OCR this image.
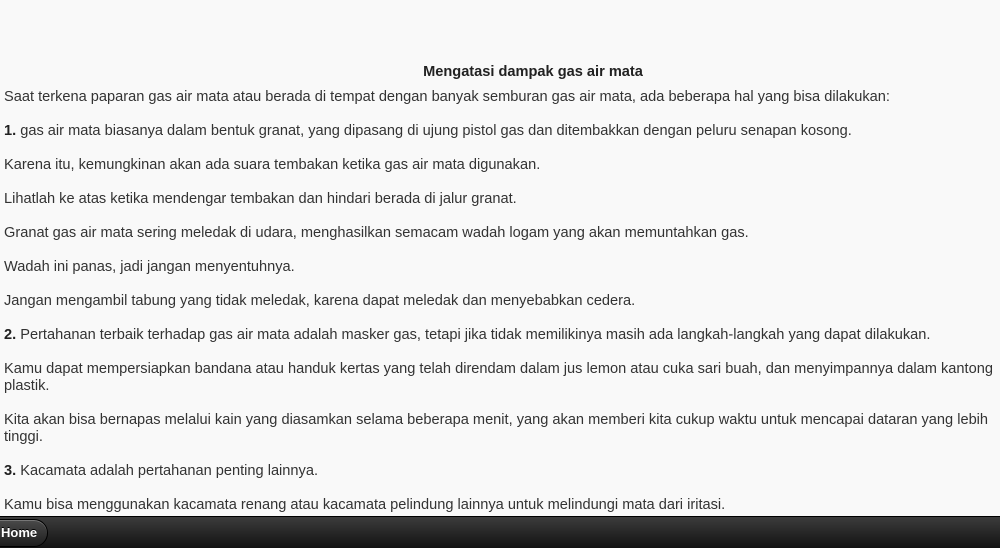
Mengatasi dampak gas air mata

Saat terkena paparan gas air mata atau berada di tempat dengan banyak semburan gas air mata, ada beberapa hal yang bisa dilakukan:

1. gas air mata biasanya dalam bentuk granat, yang dipasang di ujung pistol gas dan ditembakkan dengan peluru senapan kosong.

Karena itu, kemungkinan akan ada suara tembakan ketika gas air mata digunakan.

Lihatlah ke atas ketika mendengar tembakan dan hindari berada di jalur granat.

Granat gas air mata sering meledak di udara, menghasilkan semacam wadah logam yang akan memuntahkan gas.

Wadah ini panas, jadi jangan menyentuhnya.

Jangan mengambil tabung yang tidak meledak, karena dapat meledak dan menyebabkan cedera.

2. Pertahanan terbaik terhadap gas air mata adalah masker gas, tetapi jika tidak memilikinya masih ada langkah-langkah yang dapat dilakukan.

Kamu dapat mempersiapkan bandana atau handuk kertas yang telah direndam dalam jus lemon atau cuka sari buah, dan menyimpannya dalam kantong plastik.

Kita akan bisa bernapas melalui kain yang diasamkan selama beberapa menit, yang akan memberi kita cukup waktu untuk mencapai dataran yang lebih tinggi.

3. Kacamata adalah pertahanan penting lainnya.

Kamu bisa menggunakan kacamata renang atau kacamata pelindung lainnya untuk melindungi mata dari iritasi.

Home
